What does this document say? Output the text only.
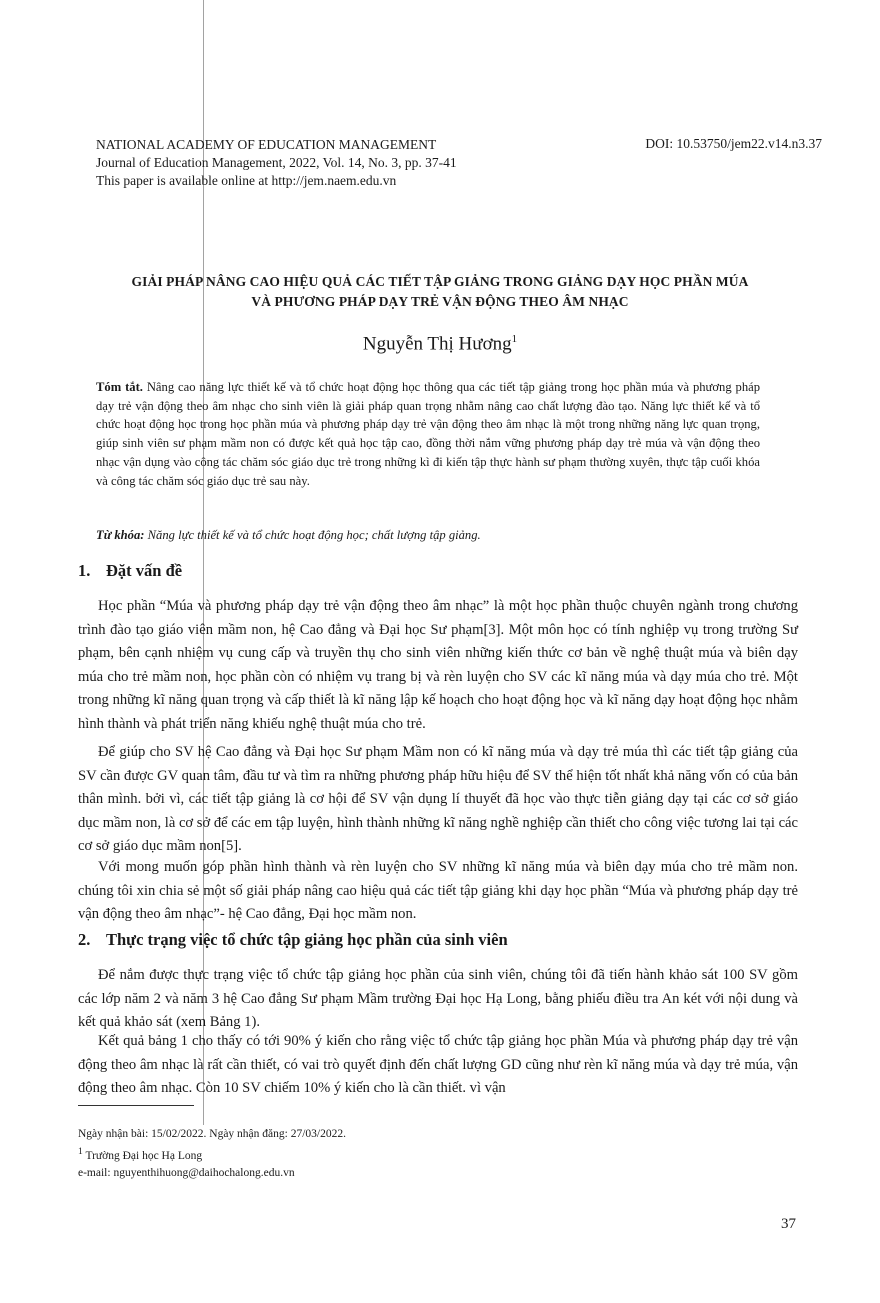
NATIONAL ACADEMY OF EDUCATION MANAGEMENT
Journal of Education Management, 2022, Vol. 14, No. 3, pp. 37-41
This paper is available online at http://jem.naem.edu.vn
DOI: 10.53750/jem22.v14.n3.37
GIẢI PHÁP NÂNG CAO HIỆU QUẢ CÁC TIẾT TẬP GIẢNG TRONG GIẢNG DẠY HỌC PHẦN MÚA
VÀ PHƯƠNG PHÁP DẠY TRẺ VẬN ĐỘNG THEO ÂM NHẠC
Nguyễn Thị Hương$^1$
Tóm tắt. Nâng cao năng lực thiết kế và tổ chức hoạt động học thông qua các tiết tập giảng trong học phần múa và phương pháp dạy trẻ vận động theo âm nhạc cho sinh viên là giải pháp quan trọng nhằm nâng cao chất lượng đào tạo. Năng lực thiết kế và tổ chức hoạt động học trong học phần múa và phương pháp dạy trẻ vận động theo âm nhạc là một trong những năng lực quan trọng, giúp sinh viên sư phạm mầm non có được kết quả học tập cao, đồng thời nắm vững phương pháp dạy trẻ múa và vận động theo nhạc vận dụng vào công tác chăm sóc giáo dục trẻ trong những kì đi kiến tập thực hành sư phạm thường xuyên, thực tập cuối khóa và công tác chăm sóc giáo dục trẻ sau này.
Từ khóa: Năng lực thiết kế và tổ chức hoạt động học; chất lượng tập giảng.
1. Đặt vấn đề
Học phần “Múa và phương pháp dạy trẻ vận động theo âm nhạc” là một học phần thuộc chuyên ngành trong chương trình đào tạo giáo viên mầm non, hệ Cao đẳng và Đại học Sư phạm[3]. Một môn học có tính nghiệp vụ trong trường Sư phạm, bên cạnh nhiệm vụ cung cấp và truyền thụ cho sinh viên những kiến thức cơ bản về nghệ thuật múa và biên dạy múa cho trẻ mầm non, học phần còn có nhiệm vụ trang bị và rèn luyện cho SV các kĩ năng múa và dạy múa cho trẻ. Một trong những kĩ năng quan trọng và cấp thiết là kĩ năng lập kế hoạch cho hoạt động học và kĩ năng dạy hoạt động học nhằm hình thành và phát triển năng khiếu nghệ thuật múa cho trẻ.
Để giúp cho SV hệ Cao đẳng và Đại học Sư phạm Mầm non có kĩ năng múa và dạy trẻ múa thì các tiết tập giảng của SV cần được GV quan tâm, đầu tư và tìm ra những phương pháp hữu hiệu để SV thể hiện tốt nhất khả năng vốn có của bản thân mình. bởi vì, các tiết tập giảng là cơ hội để SV vận dụng lí thuyết đã học vào thực tiễn giảng dạy tại các cơ sở giáo dục mầm non, là cơ sở để các em tập luyện, hình thành những kĩ năng nghề nghiệp cần thiết cho công việc tương lai tại các cơ sở giáo dục mầm non[5].
Với mong muốn góp phần hình thành và rèn luyện cho SV những kĩ năng múa và biên dạy múa cho trẻ mầm non. chúng tôi xin chia sẻ một số giải pháp nâng cao hiệu quả các tiết tập giảng khi dạy học phần “Múa và phương pháp dạy trẻ vận động theo âm nhạc”- hệ Cao đẳng, Đại học mầm non.
2. Thực trạng việc tổ chức tập giảng học phần của sinh viên
Để nắm được thực trạng việc tổ chức tập giảng học phần của sinh viên, chúng tôi đã tiến hành khảo sát 100 SV gồm các lớp năm 2 và năm 3 hệ Cao đẳng Sư phạm Mầm trường Đại học Hạ Long, bằng phiếu điều tra An két với nội dung và kết quả khảo sát (xem Bảng 1).
Kết quả bảng 1 cho thấy có tới 90% ý kiến cho rằng việc tổ chức tập giảng học phần Múa và phương pháp dạy trẻ vận động theo âm nhạc là rất cần thiết, có vai trò quyết định đến chất lượng GD cũng như rèn kĩ năng múa và dạy trẻ múa, vận động theo âm nhạc. Còn 10 SV chiếm 10% ý kiến cho là cần thiết. vì vận
Ngày nhận bài: 15/02/2022. Ngày nhận đăng: 27/03/2022.
$^1$ Trường Đại học Hạ Long
e-mail: nguyenthihuong@daihochalong.edu.vn
37
